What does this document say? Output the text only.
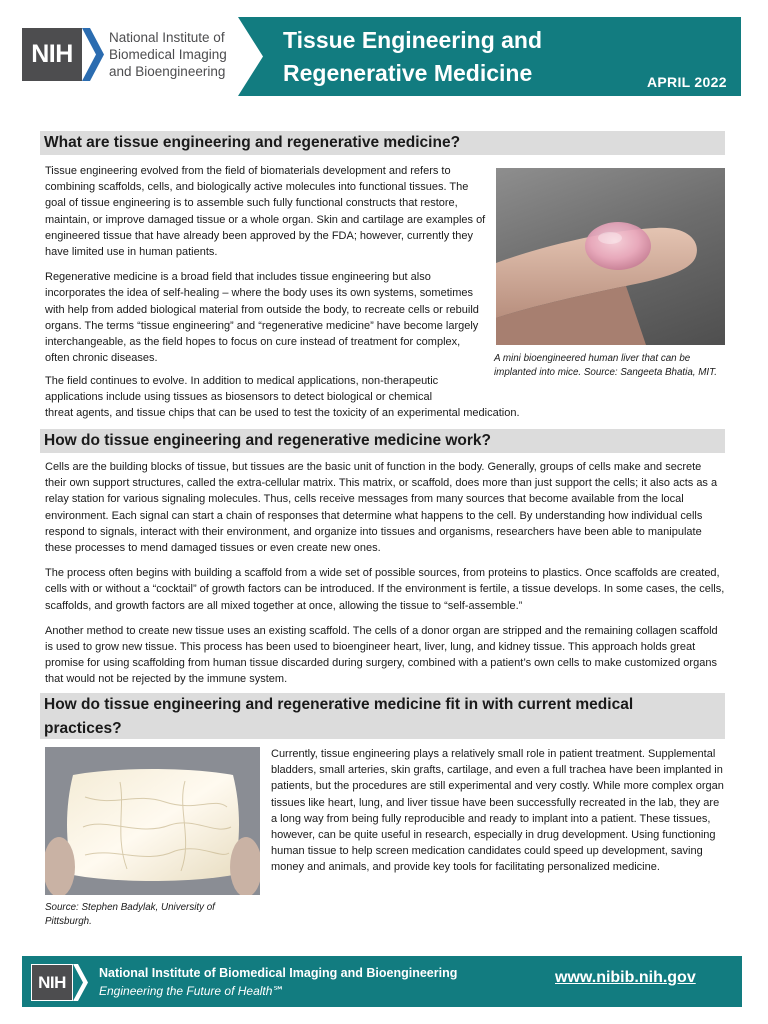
NIH
National Institute of
Biomedical Imaging
and Bioengineering
Tissue Engineering and
Regenerative Medicine	APRIL 2022
What are tissue engineering and regenerative medicine?

Tissue engineering evolved from the field of biomaterials development and refers to combining scaffolds, cells, and biologically active molecules into functional tissues. The goal of tissue engineering is to assemble such fully functional constructs that restore, maintain, or improve damaged tissue or a whole organ. Skin and cartilage are examples of engineered tissue that have already been approved by the FDA; however, currently they have limited use in human patients.

Regenerative medicine is a broad field that includes tissue engineering but also incorporates the idea of self-healing – where the body uses its own systems, sometimes with help from added biological material from outside the body, to recreate cells or rebuild organs. The terms “tissue engineering” and “regenerative medicine” have become largely interchangeable, as the field hopes to focus on cure instead of treatment for complex, often chronic diseases.

The field continues to evolve. In addition to medical applications, non-therapeutic
applications include using tissues as biosensors to detect biological or chemical
threat agents, and tissue chips that can be used to test the toxicity of an experimental medication.
A mini bioengineered human liver that can be implanted into mice. Source: Sangeeta Bhatia, MIT.
How do tissue engineering and regenerative medicine work?

Cells are the building blocks of tissue, but tissues are the basic unit of function in the body. Generally, groups of cells make and secrete their own support structures, called the extra-cellular matrix. This matrix, or scaffold, does more than just support the cells; it also acts as a relay station for various signaling molecules. Thus, cells receive messages from many sources that become available from the local environment. Each signal can start a chain of responses that determine what happens to the cell. By understanding how individual cells respond to signals, interact with their environment, and organize into tissues and organisms, researchers have been able to manipulate these processes to mend damaged tissues or even create new ones.

The process often begins with building a scaffold from a wide set of possible sources, from proteins to plastics. Once scaffolds are created, cells with or without a “cocktail” of growth factors can be introduced. If the environment is fertile, a tissue develops. In some cases, the cells, scaffolds, and growth factors are all mixed together at once, allowing the tissue to “self-assemble.”

Another method to create new tissue uses an existing scaffold. The cells of a donor organ are stripped and the remaining collagen scaffold is used to grow new tissue. This process has been used to bioengineer heart, liver, lung, and kidney tissue. This approach holds great promise for using scaffolding from human tissue discarded during surgery, combined with a patient’s own cells to make customized organs that would not be rejected by the immune system.

How do tissue engineering and regenerative medicine fit in with current medical
practices?
Source: Stephen Badylak, University of Pittsburgh.

Currently, tissue engineering plays a relatively small role in patient treatment. Supplemental bladders, small arteries, skin grafts, cartilage, and even a full trachea have been implanted in patients, but the procedures are still experimental and very costly. While more complex organ tissues like heart, lung, and liver tissue have been successfully recreated in the lab, they are a long way from being fully reproducible and ready to implant into a patient. These tissues, however, can be quite useful in research, especially in drug development. Using functioning human tissue to help screen medication candidates could speed up development, saving money and animals, and provide key tools for facilitating personalized medicine.

NIH	National Institute of Biomedical Imaging and Bioengineering
Engineering the Future of Health℠
www.nibib.nih.gov
